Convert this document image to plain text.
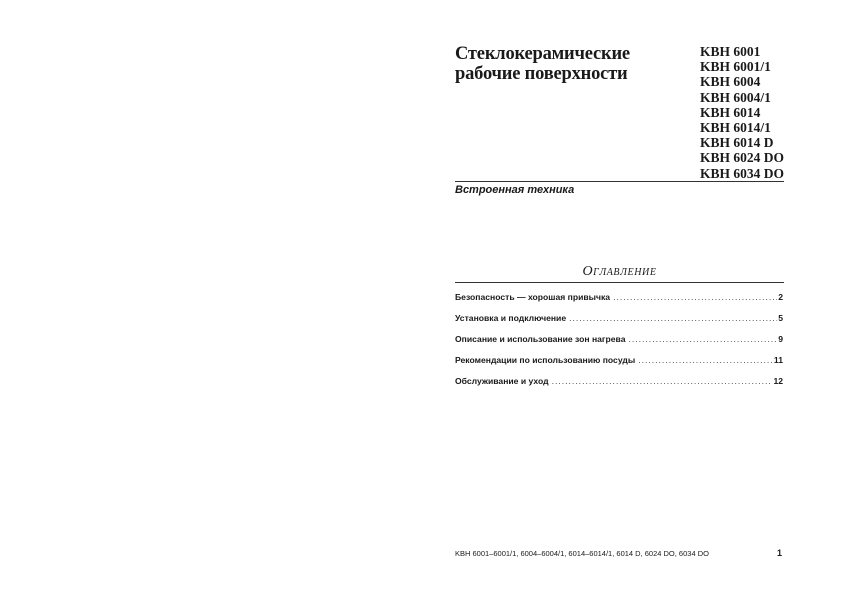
Стеклокерамические
рабочие поверхности
KBH 6001
KBH 6001/1
KBH 6004
KBH 6004/1
KBH 6014
KBH 6014/1
KBH 6014 D
KBH 6024 DO
KBH 6034 DO
Встроенная техника
Оглавление
Безопасность — хорошая привычка .....	2
Установка и подключение .....	5
Описание и использование зон нагрева .....	9
Рекомендации по использованию посуды .....	11
Обслуживание и уход .....	12
KBH 6001–6001/1, 6004–6004/1, 6014–6014/1, 6014 D, 6024 DO, 6034 DO	1
